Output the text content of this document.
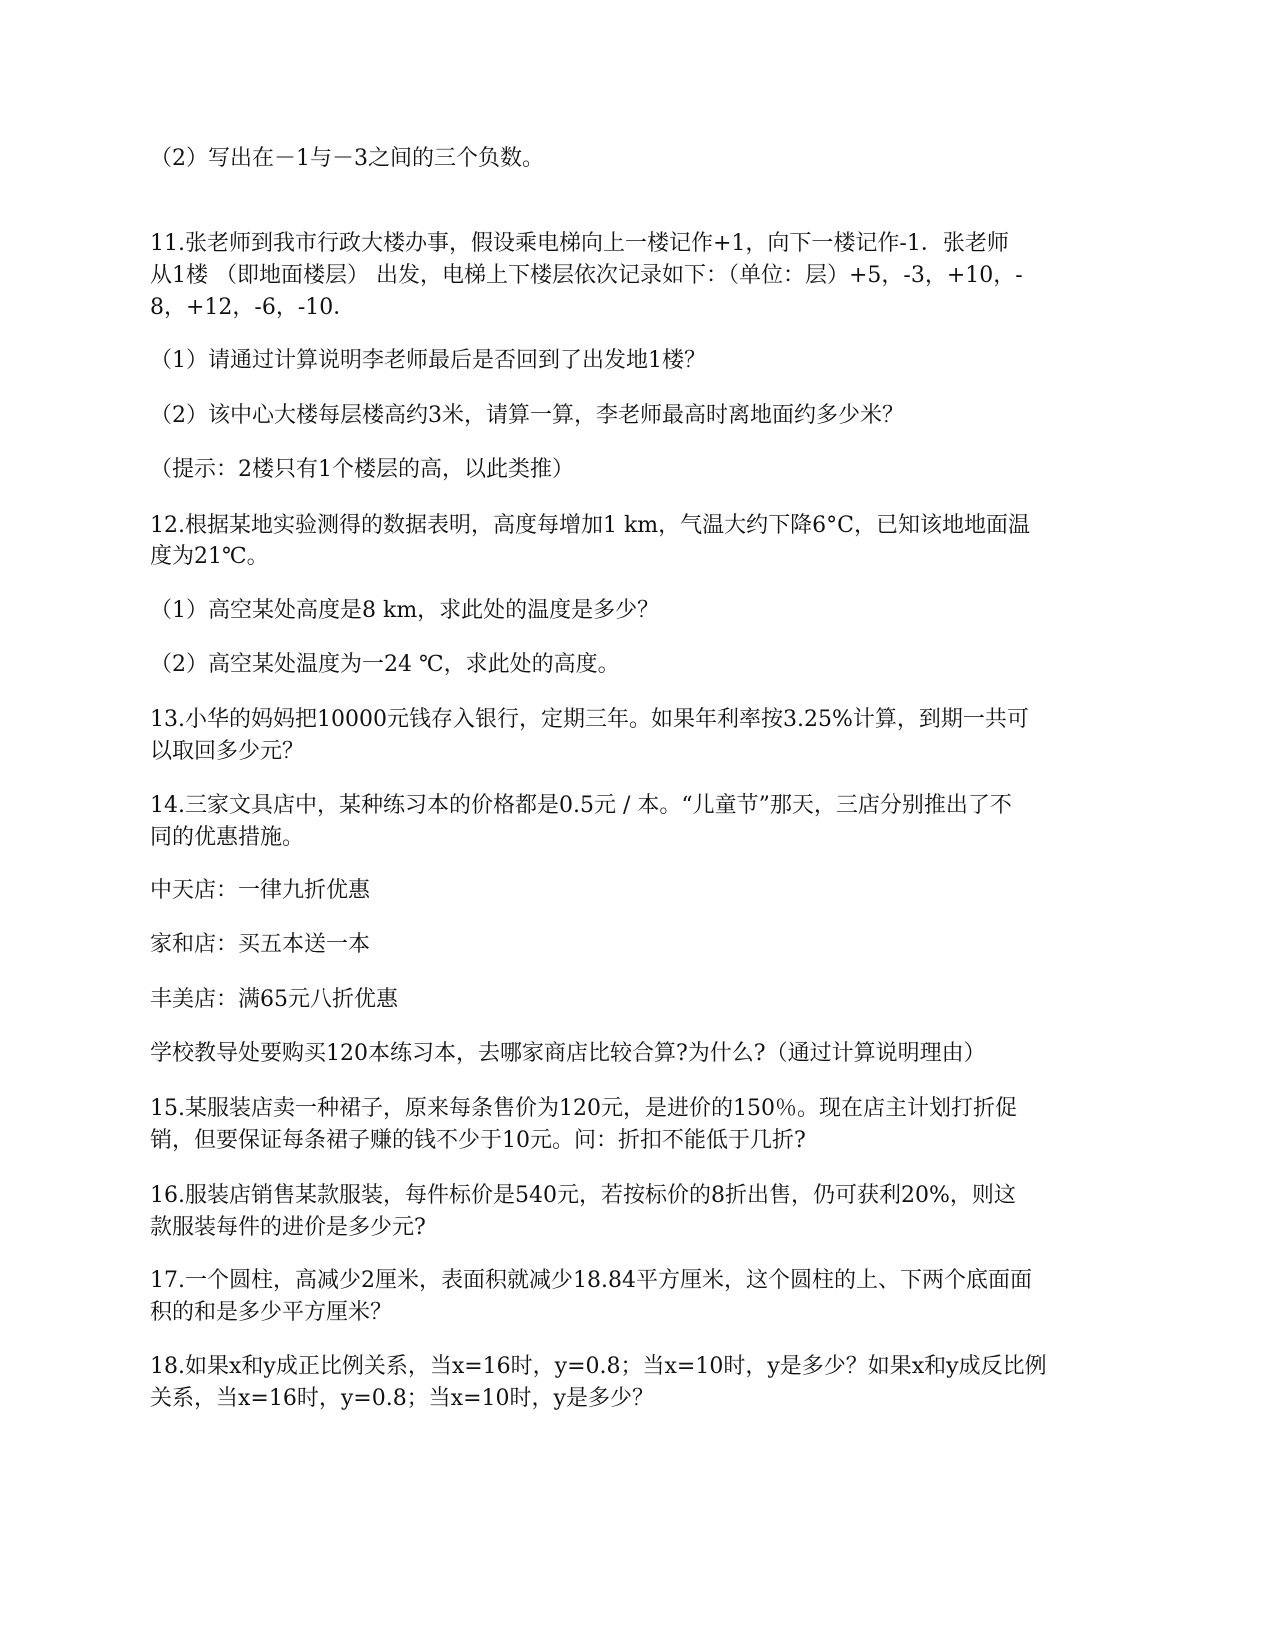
（2）写出在－1与－3之间的三个负数。
11.张老师到我市行政大楼办事，假设乘电梯向上一楼记作+1，向下一楼记作-1．张老师
从1楼 （即地面楼层） 出发，电梯上下楼层依次记录如下：（单位：层）+5，-3，+10，-
8，+12，-6，-10．
（1）请通过计算说明李老师最后是否回到了出发地1楼？
（2）该中心大楼每层楼高约3米，请算一算，李老师最高时离地面约多少米？
（提示：2楼只有1个楼层的高，以此类推）
12.根据某地实验测得的数据表明，高度每增加1 km，气温大约下降6°C，已知该地地面温
度为21℃。
（1）高空某处高度是8 km，求此处的温度是多少？
（2）高空某处温度为一24 ℃，求此处的高度。
13.小华的妈妈把10000元钱存入银行，定期三年。如果年利率按3.25%计算，到期一共可
以取回多少元？
14.三家文具店中，某种练习本的价格都是0.5元 / 本。“儿童节”那天，三店分别推出了不
同的优惠措施。
中天店：一律九折优惠
家和店：买五本送一本
丰美店：满65元八折优惠
学校教导处要购买120本练习本，去哪家商店比较合算?为什么?（通过计算说明理由）
15.某服装店卖一种裙子，原来每条售价为120元，是进价的150％。现在店主计划打折促
销，但要保证每条裙子赚的钱不少于10元。问：折扣不能低于几折?
16.服装店销售某款服装，每件标价是540元，若按标价的8折出售，仍可获利20%，则这
款服装每件的进价是多少元?
17.一个圆柱，高减少2厘米，表面积就减少18.84平方厘米，这个圆柱的上、下两个底面面
积的和是多少平方厘米？
18.如果x和y成正比例关系，当x=16时，y=0.8；当x=10时，y是多少？如果x和y成反比例
关系，当x=16时，y=0.8；当x=10时，y是多少？
